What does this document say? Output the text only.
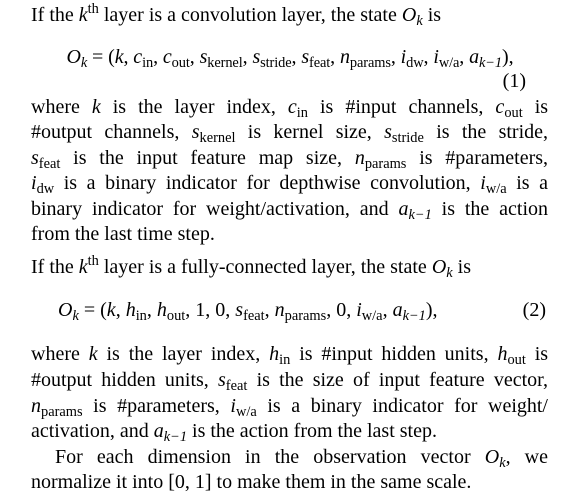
If the $k^{th}$ layer is a convolution layer, the state $O_k$ is
$O_k = (k$, $c_{in}$, $c_{out}$, $s_{kernel}$, $s_{stride}$, $s_{feat}$, $n_{params}$, $i_{dw}$, $i_{w/a}$, $a_{k-1}$),
(1)
where k is the layer index, $c_{in}$ is #input channels, $c_{out}$ is
#output channels, $s_{kernel}$ is kernel size, $s_{stride}$ is the stride,
$s_{feat}$ is the input feature map size, $n_{params}$ is #parameters,
$i_{dw}$ is a binary indicator for depthwise convolution, $i_{w/a}$ is a
binary indicator for weight/activation, and $a_{k-1}$ is the action
from the last time step.
If the $k^{th}$ layer is a fully-connected layer, the state $O_k$ is
$O_k = (k$, $h_{in}$, $h_{out}$, 1, 0, $s_{feat}$, $n_{params}$, 0, $i_{w/a}$, $a_{k-1}$),	(2)
where k is the layer index, $h_{in}$ is #input hidden units, $h_{out}$ is
#output hidden units, $s_{feat}$ is the size of input feature vector,
$n_{params}$ is #parameters, $i_{w/a}$ is a binary indicator for weight/
activation, and $a_{k-1}$ is the action from the last step.
For each dimension in the observation vector $O_k$, we
normalize it into [0, 1] to make them in the same scale.
